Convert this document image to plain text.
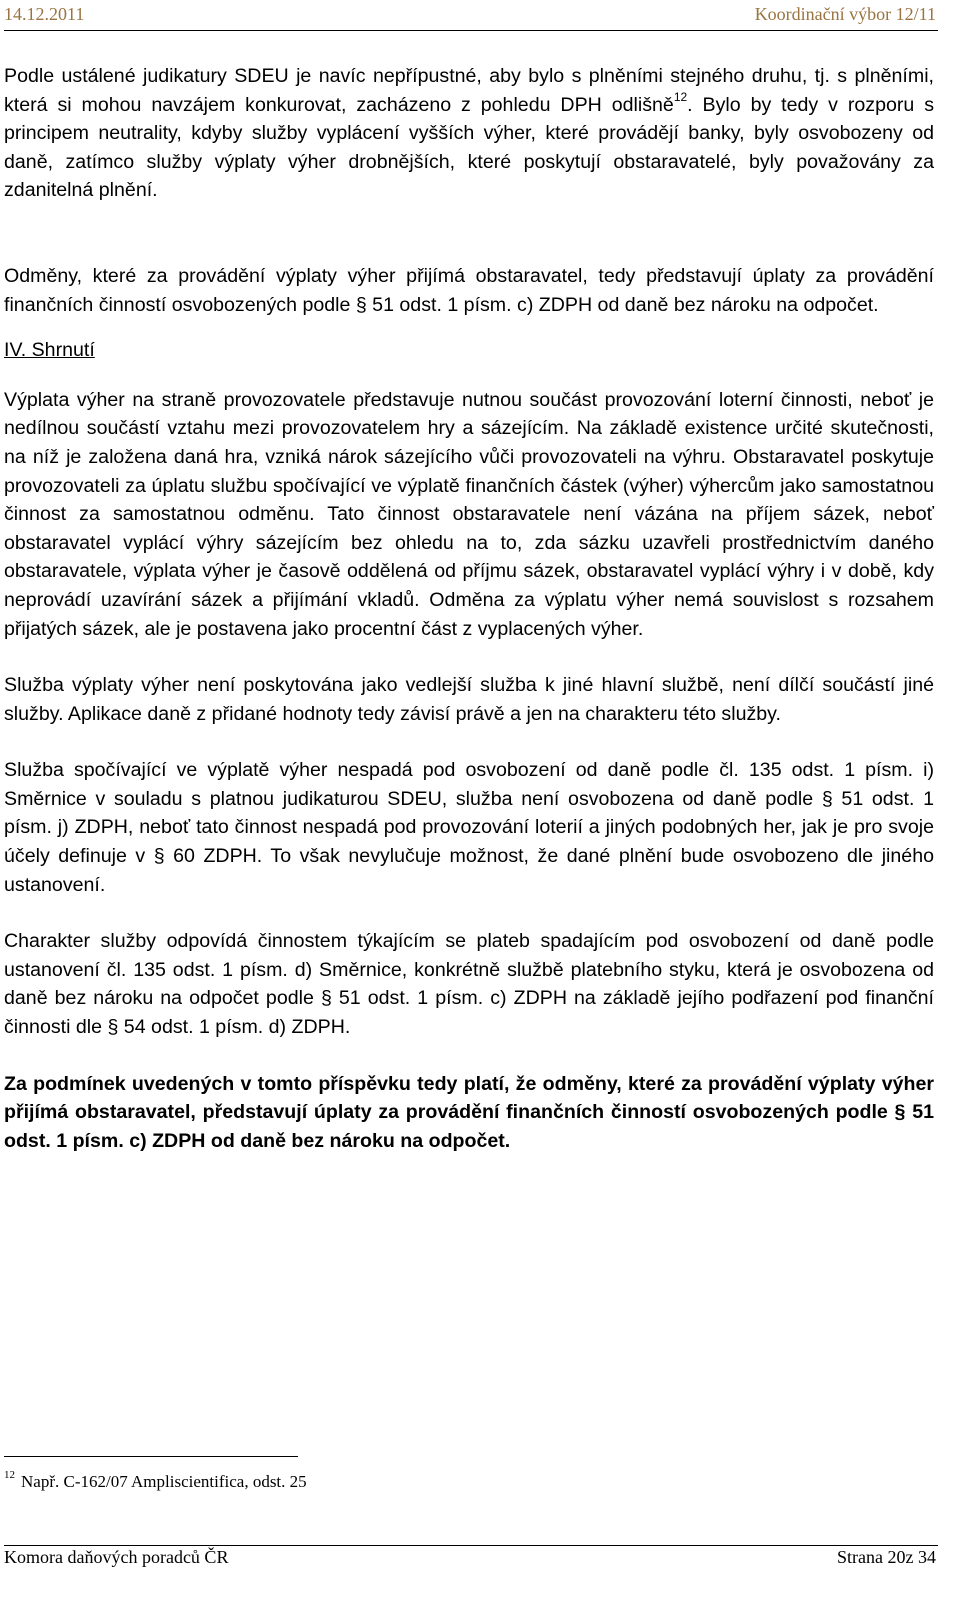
14.12.2011	Koordinační výbor 12/11

Podle ustálené judikatury SDEU je navíc nepřípustné, aby bylo s plněními stejného druhu, tj. s plněními, která si mohou navzájem konkurovat, zacházeno z pohledu DPH odlišně$^{12}$. Bylo by tedy v rozporu s principem neutrality, kdyby služby vyplácení vyšších výher, které provádějí banky, byly osvobozeny od daně, zatímco služby výplaty výher drobnějších, které poskytují obstaravatelé, byly považovány za zdanitelná plnění.

Odměny, které za provádění výplaty výher přijímá obstaravatel, tedy představují úplaty za provádění finančních činností osvobozených podle § 51 odst. 1 písm. c) ZDPH od daně bez nároku na odpočet.

IV. Shrnutí

Výplata výher na straně provozovatele představuje nutnou součást provozování loterní činnosti, neboť je nedílnou součástí vztahu mezi provozovatelem hry a sázejícím. Na základě existence určité skutečnosti, na níž je založena daná hra, vzniká nárok sázejícího vůči provozovateli na výhru. Obstaravatel poskytuje provozovateli za úplatu službu spočívající ve výplatě finančních částek (výher) výhercům jako samostatnou činnost za samostatnou odměnu. Tato činnost obstaravatele není vázána na příjem sázek, neboť obstaravatel vyplácí výhry sázejícím bez ohledu na to, zda sázku uzavřeli prostřednictvím daného obstaravatele, výplata výher je časově oddělená od příjmu sázek, obstaravatel vyplácí výhry i v době, kdy neprovádí uzavírání sázek a přijímání vkladů. Odměna za výplatu výher nemá souvislost s rozsahem přijatých sázek, ale je postavena jako procentní část z vyplacených výher.

Služba výplaty výher není poskytována jako vedlejší služba k jiné hlavní službě, není dílčí součástí jiné služby. Aplikace daně z přidané hodnoty tedy závisí právě a jen na charakteru této služby.

Služba spočívající ve výplatě výher nespadá pod osvobození od daně podle čl. 135 odst. 1 písm. i) Směrnice v souladu s platnou judikaturou SDEU, služba není osvobozena od daně podle § 51 odst. 1 písm. j) ZDPH, neboť tato činnost nespadá pod provozování loterií a jiných podobných her, jak je pro svoje účely definuje v § 60 ZDPH. To však nevylučuje možnost, že dané plnění bude osvobozeno dle jiného ustanovení.

Charakter služby odpovídá činnostem týkajícím se plateb spadajícím pod osvobození od daně podle ustanovení čl. 135 odst. 1 písm. d) Směrnice, konkrétně službě platebního styku, která je osvobozena od daně bez nároku na odpočet podle § 51 odst. 1 písm. c) ZDPH na základě jejího podřazení pod finanční činnosti dle § 54 odst. 1 písm. d) ZDPH.

Za podmínek uvedených v tomto příspěvku tedy platí, že odměny, které za provádění výplaty výher přijímá obstaravatel, představují úplaty za provádění finančních činností osvobozených podle § 51 odst. 1 písm. c) ZDPH od daně bez nároku na odpočet.

$^{12}$ Např. C-162/07 Ampliscientifica, odst. 25
Komora daňových poradců ČR	Strana 20z 34
